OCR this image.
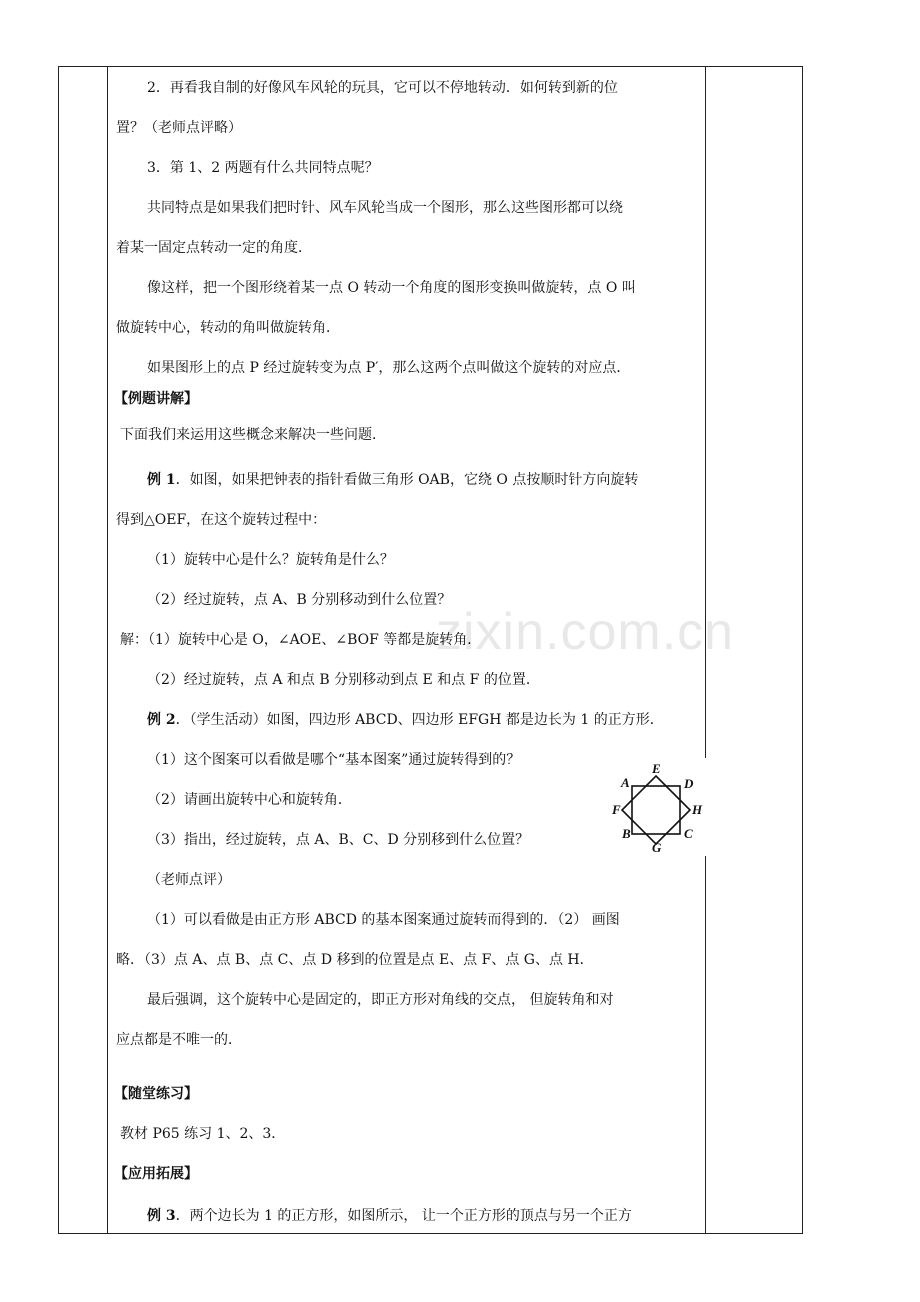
zixin.com.cn
2．再看我自制的好像风车风轮的玩具，它可以不停地转动．如何转到新的位
置？（老师点评略）
3．第 1、2 两题有什么共同特点呢？
共同特点是如果我们把时针、风车风轮当成一个图形，那么这些图形都可以绕
着某一固定点转动一定的角度．
像这样，把一个图形绕着某一点 O 转动一个角度的图形变换叫做旋转，点 O 叫
做旋转中心，转动的角叫做旋转角．
如果图形上的点 P 经过旋转变为点 P′，那么这两个点叫做这个旋转的对应点．
【例题讲解】
下面我们来运用这些概念来解决一些问题．
例 1．如图，如果把钟表的指针看做三角形 OAB，它绕 O 点按顺时针方向旋转
得到△OEF，在这个旋转过程中：
（1）旋转中心是什么？旋转角是什么？
（2）经过旋转，点 A、B 分别移动到什么位置？
解：（1）旋转中心是 O，∠AOE、∠BOF 等都是旋转角．
（2）经过旋转，点 A 和点 B 分别移动到点 E 和点 F 的位置．
例 2．（学生活动）如图，四边形 ABCD、四边形 EFGH 都是边长为 1 的正方形．
（1）这个图案可以看做是哪个“基本图案”通过旋转得到的？
（2）请画出旋转中心和旋转角．
（3）指出，经过旋转，点 A、B、C、D 分别移到什么位置？
（老师点评）
（1）可以看做是由正方形 ABCD 的基本图案通过旋转而得到的．（2） 画图
略．（3）点 A、点 B、点 C、点 D 移到的位置是点 E、点 F、点 G、点 H．
最后强调，这个旋转中心是固定的，即正方形对角线的交点， 但旋转角和对
应点都是不唯一的．
【随堂练习】
教材 P65 练习 1、2、3．
【应用拓展】
例 3．两个边长为 1 的正方形，如图所示， 让一个正方形的顶点与另一个正方
A
E
D
F	H
B
G
C
